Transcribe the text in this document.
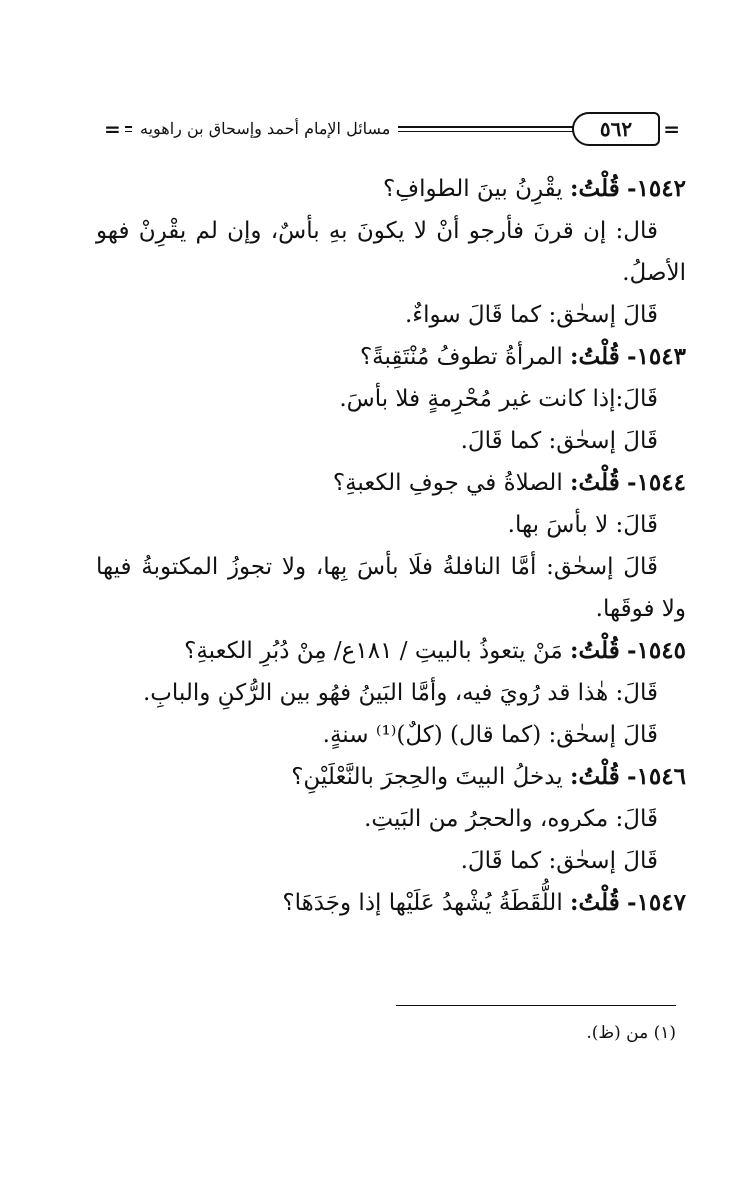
=	=
مسائل الإمام أحمد وإسحاق بن راهويه	٥٦٢
١٥٤٢- قُلْتُ: يقْرِنُ بينَ الطوافِ؟
قال: إن قرنَ فأرجو أنْ لا يكونَ بهِ بأسٌ، وإن لم يقْرِنْ فهو
الأصلُ.
قَالَ إسحٰق: كما قَالَ سواءٌ.
١٥٤٣- قُلْتُ: المرأةُ تطوفُ مُنْتَقِبةً؟
قَالَ:إذا كانت غير مُحْرِمةٍ فلا بأسَ.
قَالَ إسحٰق: كما قَالَ.
١٥٤٤- قُلْتُ: الصلاةُ في جوفِ الكعبةِ؟
قَالَ: لا بأسَ بها.
قَالَ إسحٰق: أمَّا النافلةُ فلَا بأسَ بِها، ولا تجوزُ المكتوبةُ فيها
ولا فوقَها.
١٥٤٥- قُلْتُ: مَنْ يتعوذُ بالبيتِ / ١٨١ع/ مِنْ دُبُرِ الكعبةِ؟
قَالَ: هٰذا قد رُويَ فيه، وأمَّا البَينُ فهُو بين الرُّكنِ والبابِ.
قَالَ إسحٰق: (كما قال) (كلٌ)⁽¹⁾ سنةٍ.
١٥٤٦- قُلْتُ: يدخلُ البيتَ والحِجرَ بالنَّعْلَيْنِ؟
قَالَ: مكروه، والحجرُ من البَيتِ.
قَالَ إسحٰق: كما قَالَ.
١٥٤٧- قُلْتُ: اللُّقَطَةُ يُشْهدُ عَلَيْها إذا وجَدَهَا؟
(١) من (ظ).
